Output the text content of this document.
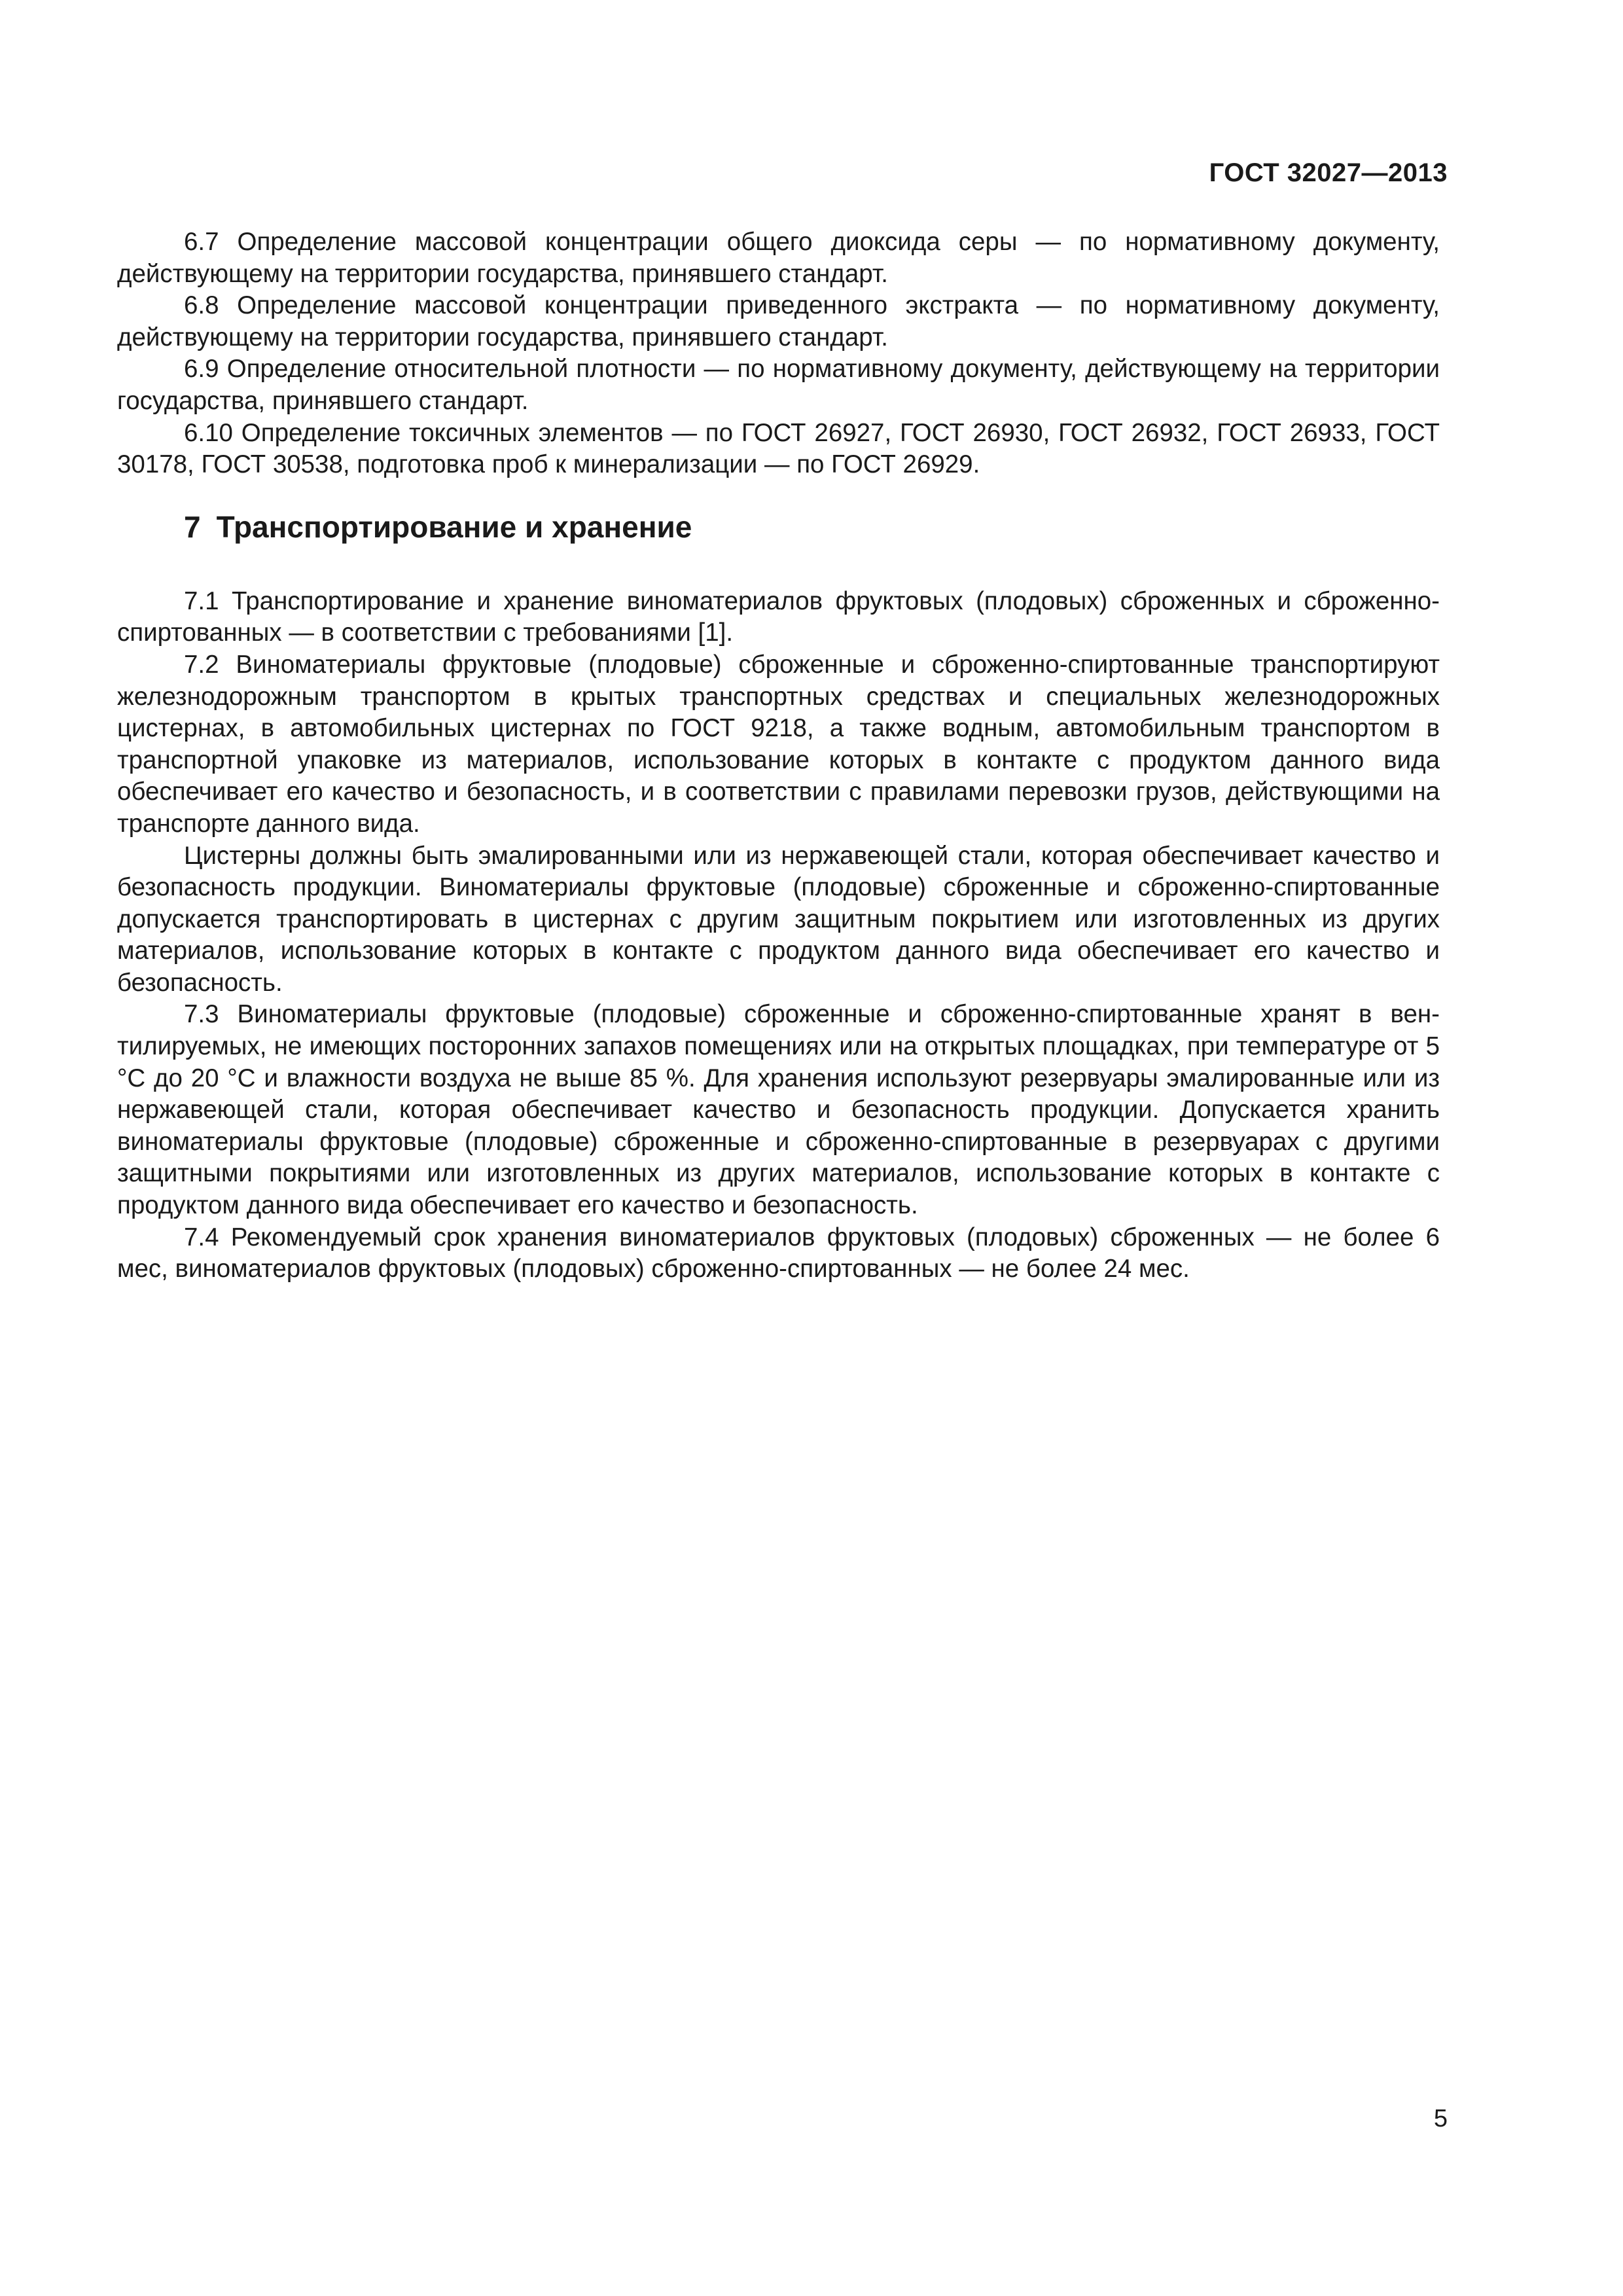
ГОСТ 32027—2013

6.7 Определение массовой концентрации общего диоксида серы — по нормативному документу, действующему на территории государства, принявшего стандарт.

6.8 Определение массовой концентрации приведенного экстракта — по нормативному документу, действующему на территории государства, принявшего стандарт.

6.9 Определение относительной плотности — по нормативному документу, действующему на территории государства, принявшего стандарт.

6.10 Определение токсичных элементов — по ГОСТ 26927, ГОСТ 26930, ГОСТ 26932, ГОСТ 26933, ГОСТ 30178, ГОСТ 30538, подготовка проб к минерализации — по ГОСТ 26929.

7 Транспортирование и хранение

7.1 Транспортирование и хранение виноматериалов фруктовых (плодовых) сброженных и сброженно-спиртованных — в соответствии с требованиями [1].

7.2 Виноматериалы фруктовые (плодовые) сброженные и сброженно-спиртованные транспортируют железнодорожным транспортом в крытых транспортных средствах и специальных железнодорожных цистернах, в автомобильных цистернах по ГОСТ 9218, а также водным, автомобильным транспортом в транспортной упаковке из материалов, использование которых в контакте с продуктом данного вида обеспечивает его качество и безопасность, и в соответствии с правилами перевозки грузов, действующими на транспорте данного вида.

Цистерны должны быть эмалированными или из нержавеющей стали, которая обеспечивает качество и безопасность продукции. Виноматериалы фруктовые (плодовые) сброженные и сброженно-спиртованные допускается транспортировать в цистернах с другим защитным покрытием или изготовленных из других материалов, использование которых в контакте с продуктом данного вида обеспечивает его качество и безопасность.

7.3 Виноматериалы фруктовые (плодовые) сброженные и сброженно-спиртованные хранят в вентилируемых, не имеющих посторонних запахов помещениях или на открытых площадках, при температуре от 5 °С до 20 °С и влажности воздуха не выше 85 %. Для хранения используют резервуары эмалированные или из нержавеющей стали, которая обеспечивает качество и безопасность продукции. Допускается хранить виноматериалы фруктовые (плодовые) сброженные и сброженно-спиртованные в резервуарах с другими защитными покрытиями или изготовленных из других материалов, использование которых в контакте с продуктом данного вида обеспечивает его качество и безопасность.

7.4 Рекомендуемый срок хранения виноматериалов фруктовых (плодовых) сброженных — не более 6 мес, виноматериалов фруктовых (плодовых) сброженно-спиртованных — не более 24 мес.

5
